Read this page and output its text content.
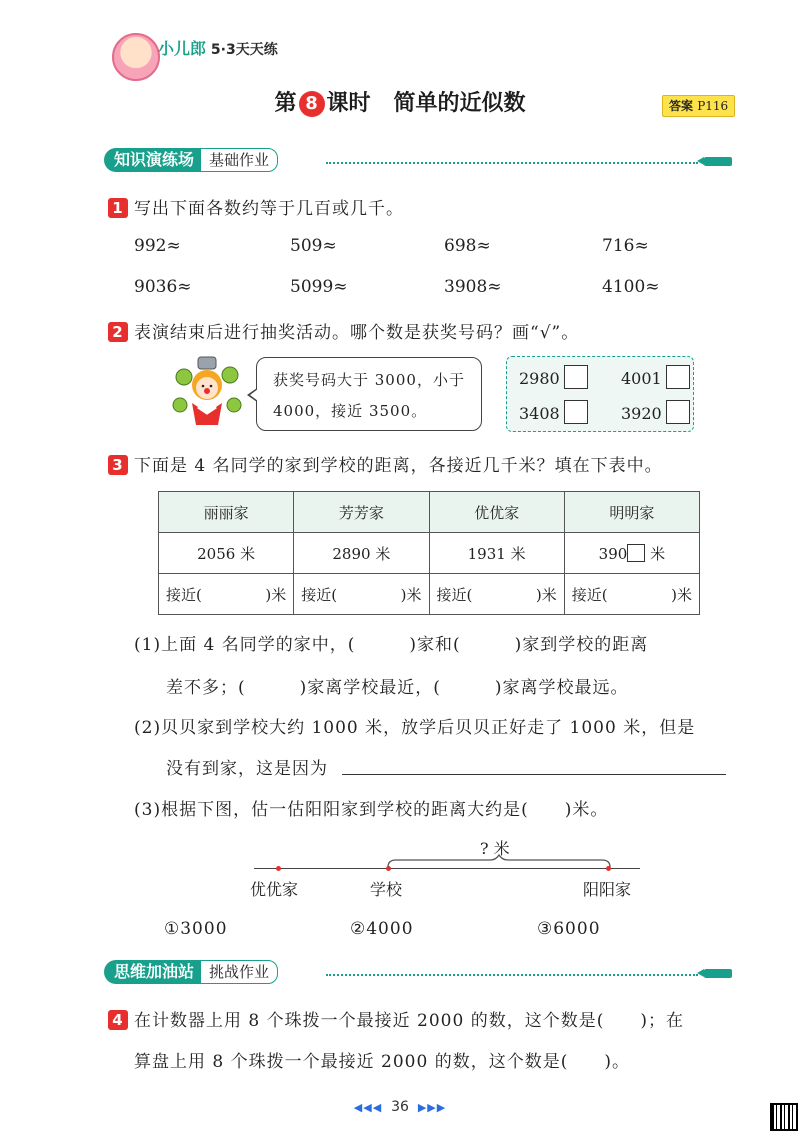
小儿郎 5·3天天练
第 8 课时 简单的近似数	答案 P116
知识演练场 基础作业
1 写出下面各数约等于几百或几千。
992≈	509≈	698≈	716≈
9036≈	5099≈	3908≈	4100≈
2 表演结束后进行抽奖活动。哪个数是获奖号码？画“√”。
获奖号码大于 3000，小于
4000，接近 3500。
2980	4001
3408	3920
3 下面是 4 名同学的家到学校的距离，各接近几千米？填在下表中。
丽丽家	芳芳家	优优家	明明家
2056 米	2890 米	1931 米	390 米

接近( )米	接近( )米	接近( )米	接近( )米
(1)上面 4 名同学的家中，(　　　)家和(　　　)家到学校的距离
差不多；(　　　)家离学校最近，(　　　)家离学校最远。
(2)贝贝家到学校大约 1000 米，放学后贝贝正好走了 1000 米，但是
没有到家，这是因为
(3)根据下图，估一估阳阳家到学校的距离大约是(　　)米。
? 米
优优家	学校	阳阳家
①3000	②4000	③6000
思维加油站 挑战作业
4 在计数器上用 8 个珠拨一个最接近 2000 的数，这个数是(　　)；在
算盘上用 8 个珠拨一个最接近 2000 的数，这个数是(　　)。
◀◀◀ 36 ▶▶▶
